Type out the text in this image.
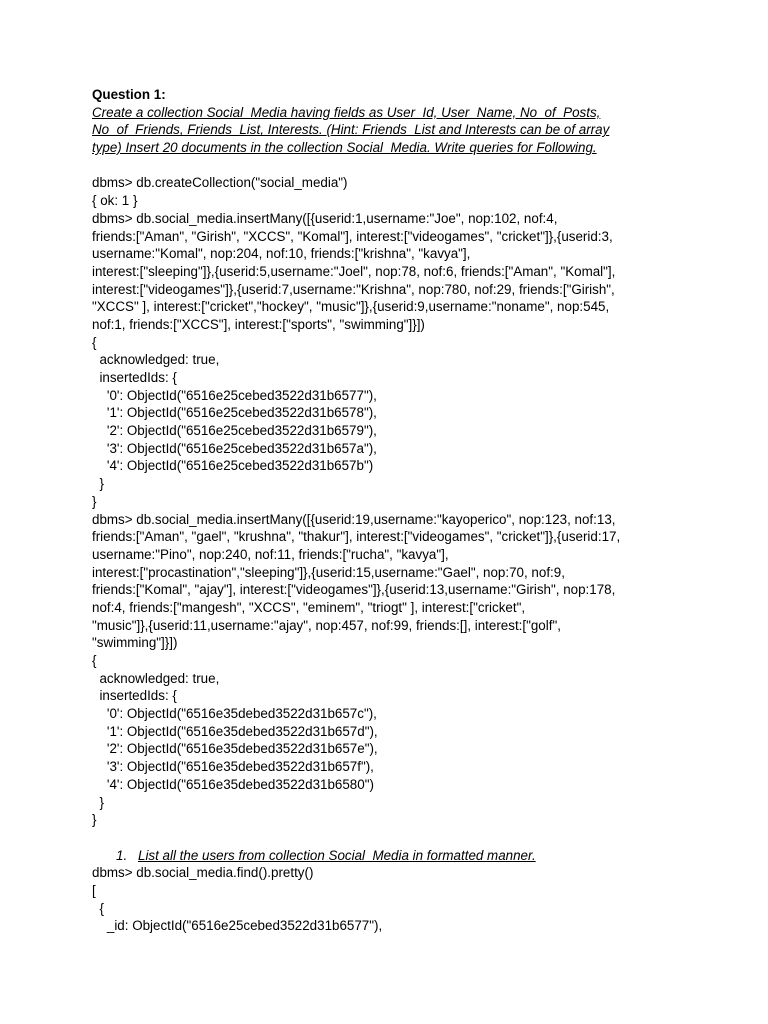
Question 1:
Create a collection Social_Media having fields as User_Id, User_Name, No_of_Posts,
No_of_Friends, Friends_List, Interests. (Hint: Friends_List and Interests can be of array
type) Insert 20 documents in the collection Social_Media. Write queries for Following.
dbms> db.createCollection("social_media")
{ ok: 1 }
dbms> db.social_media.insertMany([{userid:1,username:"Joe", nop:102, nof:4,
friends:["Aman", "Girish", "XCCS", "Komal"], interest:["videogames", "cricket"]},{userid:3,
username:"Komal", nop:204, nof:10, friends:["krishna", "kavya"],
interest:["sleeping"]},{userid:5,username:"Joel", nop:78, nof:6, friends:["Aman", "Komal"],
interest:["videogames"]},{userid:7,username:"Krishna", nop:780, nof:29, friends:["Girish",
"XCCS" ], interest:["cricket","hockey", "music"]},{userid:9,username:"noname", nop:545,
nof:1, friends:["XCCS"], interest:["sports", "swimming"]}])
{
acknowledged: true,
insertedIds: {
'0': ObjectId("6516e25cebed3522d31b6577"),
'1': ObjectId("6516e25cebed3522d31b6578"),
'2': ObjectId("6516e25cebed3522d31b6579"),
'3': ObjectId("6516e25cebed3522d31b657a"),
'4': ObjectId("6516e25cebed3522d31b657b")
}
}
dbms> db.social_media.insertMany([{userid:19,username:"kayoperico", nop:123, nof:13,
friends:["Aman", "gael", "krushna", "thakur"], interest:["videogames", "cricket"]},{userid:17,
username:"Pino", nop:240, nof:11, friends:["rucha", "kavya"],
interest:["procastination","sleeping"]},{userid:15,username:"Gael", nop:70, nof:9,
friends:["Komal", "ajay"], interest:["videogames"]},{userid:13,username:"Girish", nop:178,
nof:4, friends:["mangesh", "XCCS", "eminem", "triogt" ], interest:["cricket",
"music"]},{userid:11,username:"ajay", nop:457, nof:99, friends:[], interest:["golf",
"swimming"]}])
{
acknowledged: true,
insertedIds: {
'0': ObjectId("6516e35debed3522d31b657c"),
'1': ObjectId("6516e35debed3522d31b657d"),
'2': ObjectId("6516e35debed3522d31b657e"),
'3': ObjectId("6516e35debed3522d31b657f"),
'4': ObjectId("6516e35debed3522d31b6580")
}
}
1. List all the users from collection Social_Media in formatted manner.
dbms> db.social_media.find().pretty()
[
{
_id: ObjectId("6516e25cebed3522d31b6577"),
